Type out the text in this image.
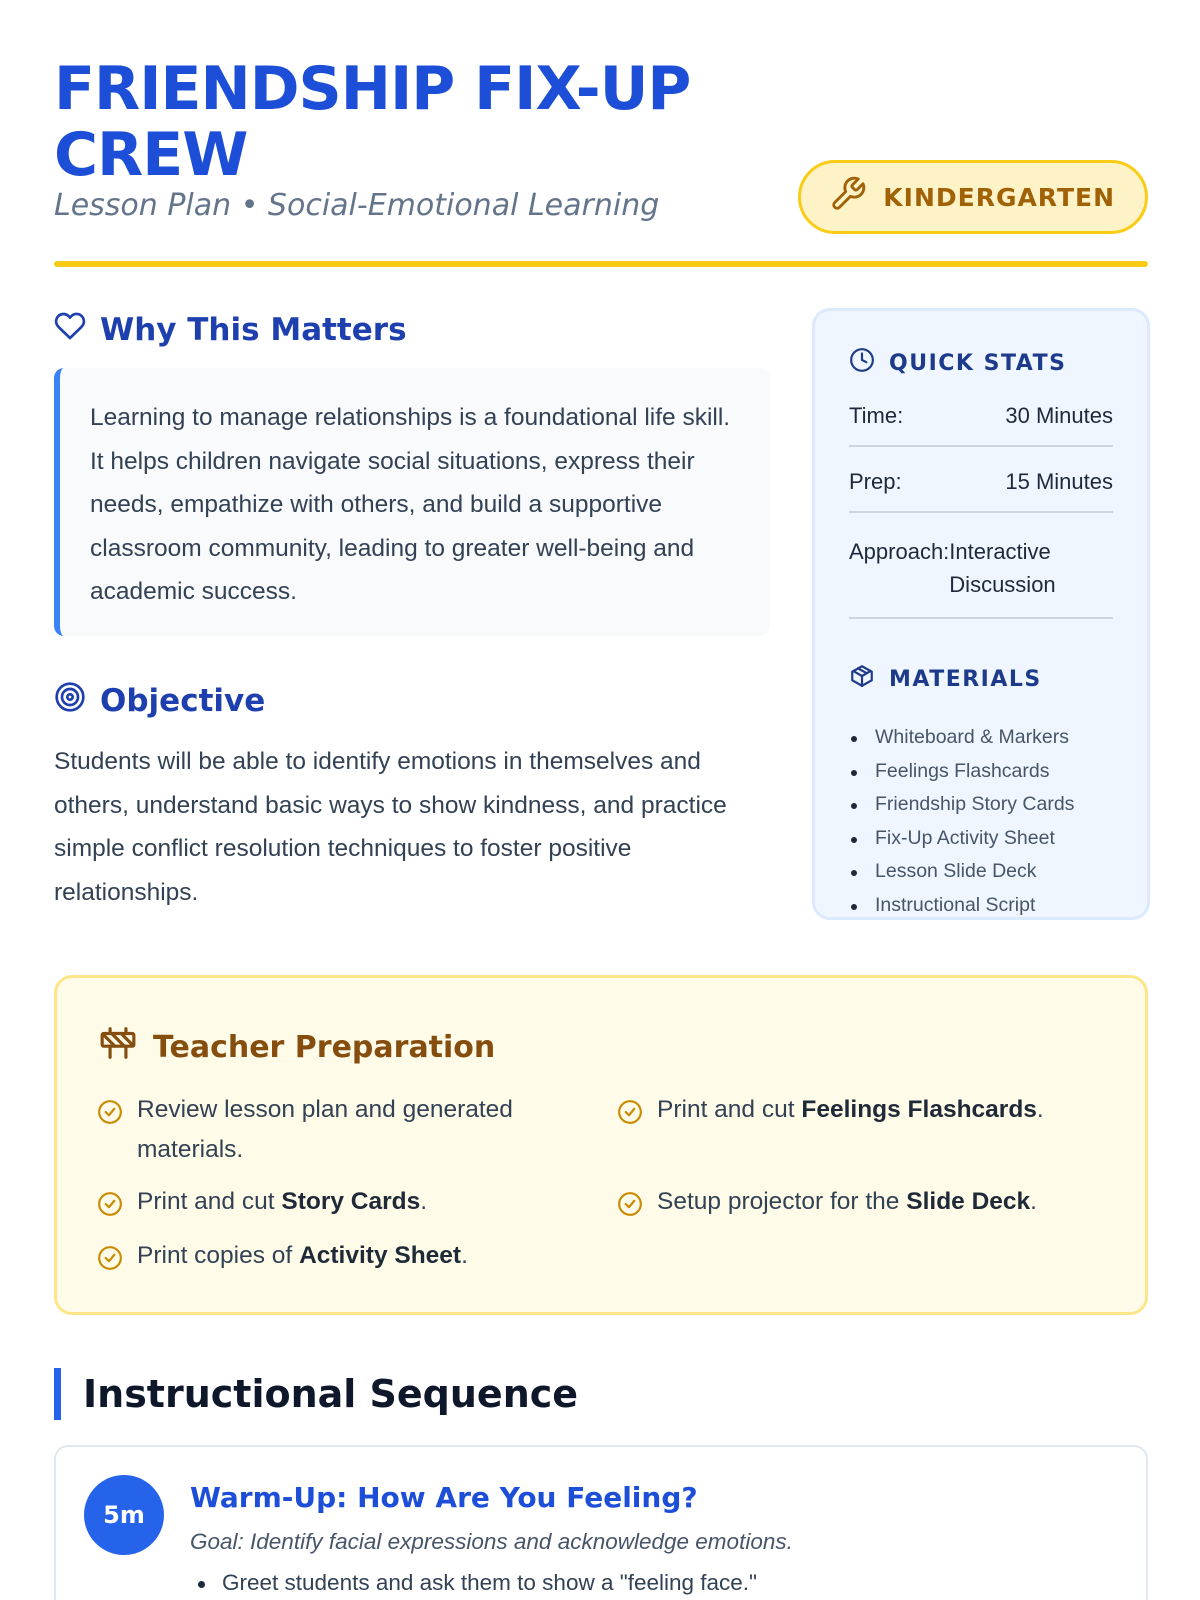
FRIENDSHIP FIX-UP CREW
Lesson Plan • Social-Emotional Learning	KINDERGARTEN
Why This Matters
Learning to manage relationships is a foundational life skill. It helps children navigate social situations, express their needs, empathize with others, and build a supportive classroom community, leading to greater well-being and academic success.
Objective
Students will be able to identify emotions in themselves and others, understand basic ways to show kindness, and practice simple conflict resolution techniques to foster positive relationships.
QUICK STATS
Time:	30 Minutes
Prep:	15 Minutes
Approach: Interactive Discussion
MATERIALS
Whiteboard & Markers
Feelings Flashcards
Friendship Story Cards
Fix-Up Activity Sheet
Lesson Slide Deck
Instructional Script
Teacher Preparation
Review lesson plan and generated materials.
Print and cut Feelings Flashcards.
Print and cut Story Cards.	Setup projector for the Slide Deck.
Print copies of Activity Sheet.
Instructional Sequence
5m
Warm-Up: How Are You Feeling?
Goal: Identify facial expressions and acknowledge emotions.
Greet students and ask them to show a "feeling face."
